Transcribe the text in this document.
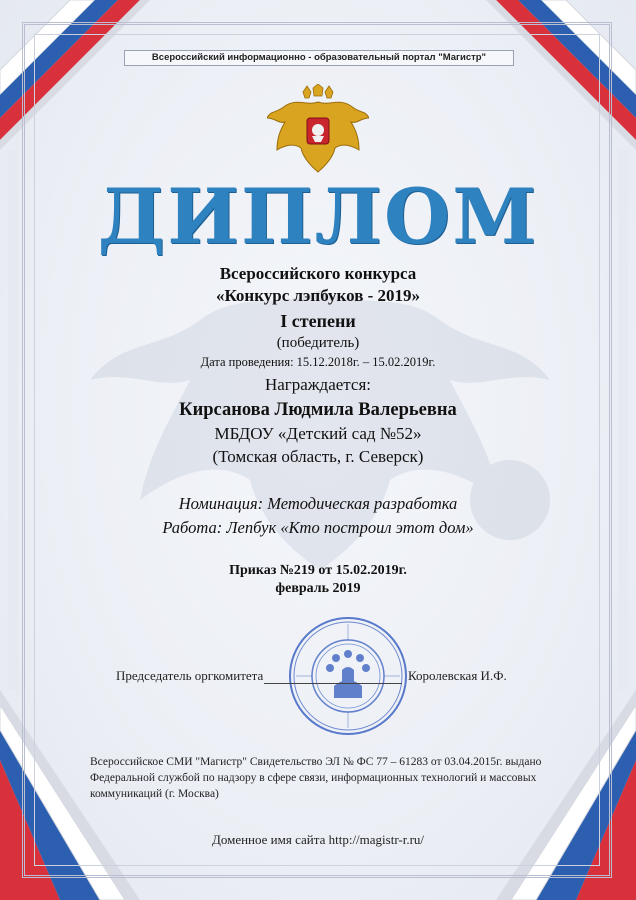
Всероссийский информационно - образовательный портал "Магистр"
ДИПЛОМ
Всероссийского конкурса
«Конкурс лэпбуков - 2019»
I степени
(победитель)
Дата проведения: 15.12.2018г. – 15.02.2019г.
Награждается:
Кирсанова Людмила Валерьевна
МБДОУ «Детский сад №52»
(Томская область, г. Северск)
Номинация: Методическая разработка
Работа: Лепбук «Кто построил этот дом»
Приказ №219 от 15.02.2019г.
февраль 2019
Председатель оргкомитета	Королевская И.Ф.
Всероссийское СМИ "Магистр" Свидетельство ЭЛ № ФС 77 – 61283 от 03.04.2015г. выдано Федеральной службой по надзору в сфере связи, информационных технологий и массовых коммуникаций (г. Москва)
Доменное имя сайта http://magistr-r.ru/
